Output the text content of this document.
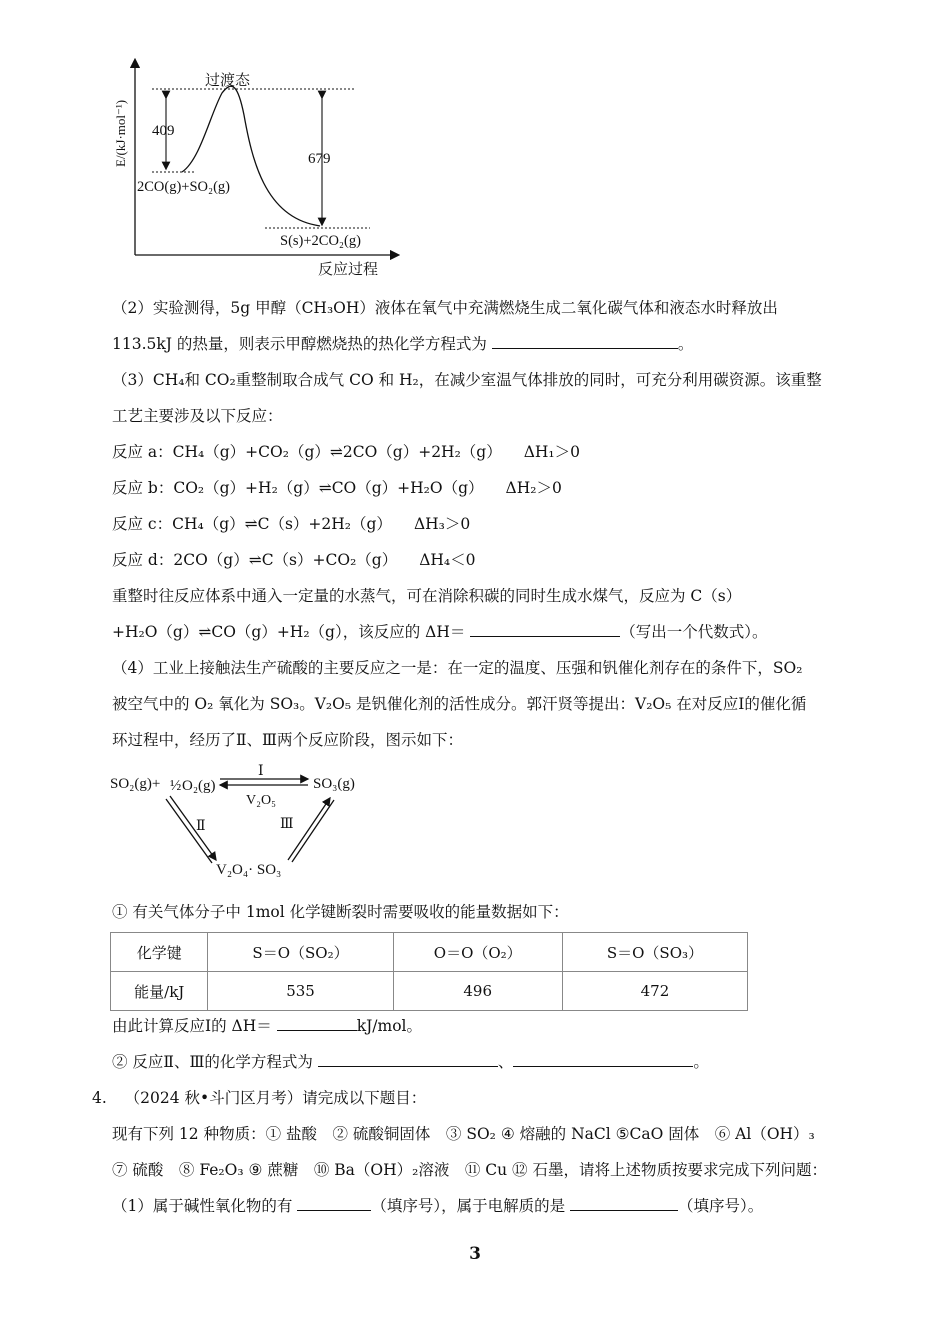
过渡态
409
679
2CO(g)+SO₂(g)
S(s)+2CO₂(g)
反应过程
E/(kJ·mol⁻¹)
（2）实验测得，5g 甲醇（CH₃OH）液体在氧气中充满燃烧生成二氧化碳气体和液态水时释放出
113.5kJ 的热量，则表示甲醇燃烧热的热化学方程式为	。
（3）CH₄和 CO₂重整制取合成气 CO 和 H₂，在减少室温气体排放的同时，可充分利用碳资源。该重整
工艺主要涉及以下反应：
反应 a：CH₄（g）+CO₂（g）⇌2CO（g）+2H₂（g） ΔH₁＞0
反应 b：CO₂（g）+H₂（g）⇌CO（g）+H₂O（g） ΔH₂＞0
反应 c：CH₄（g）⇌C（s）+2H₂（g） ΔH₃＞0
反应 d：2CO（g）⇌C（s）+CO₂（g） ΔH₄＜0
重整时往反应体系中通入一定量的水蒸气，可在消除积碳的同时生成水煤气，反应为 C（s）
+H₂O（g）⇌CO（g）+H₂（g），该反应的 ΔH＝	（写出一个代数式）。
（4）工业上接触法生产硫酸的主要反应之一是：在一定的温度、压强和钒催化剂存在的条件下，SO₂
被空气中的 O₂ 氧化为 SO₃。V₂O₅ 是钒催化剂的活性成分。郭汗贤等提出：V₂O₅ 在对反应Ⅰ的催化循
环过程中，经历了Ⅱ、Ⅲ两个反应阶段，图示如下：
SO₂(g)+ ½ O₂(g)	SO₃(g)
Ⅰ
V₂O₅
Ⅱ	Ⅲ
V₂O₄· SO₃
① 有关气体分子中 1mol 化学键断裂时需要吸收的能量数据如下：
化学键	S＝O（SO₂）	O＝O（O₂）	S＝O（SO₃）
能量/kJ	535	496	472
由此计算反应Ⅰ的 ΔH＝	kJ/mol。
② 反应Ⅱ、Ⅲ的化学方程式为	、	。
4. （2024 秋•斗门区月考）请完成以下题目：
现有下列 12 种物质：① 盐酸　② 硫酸铜固体　③ SO₂ ④ 熔融的 NaCl ⑤CaO 固体　⑥ Al（OH）₃
⑦ 硫酸　⑧ Fe₂O₃ ⑨ 蔗糖　⑩ Ba（OH）₂溶液　⑪ Cu ⑫ 石墨，请将上述物质按要求完成下列问题：
（1）属于碱性氧化物的有	（填序号），属于电解质的是	（填序号）。
3
